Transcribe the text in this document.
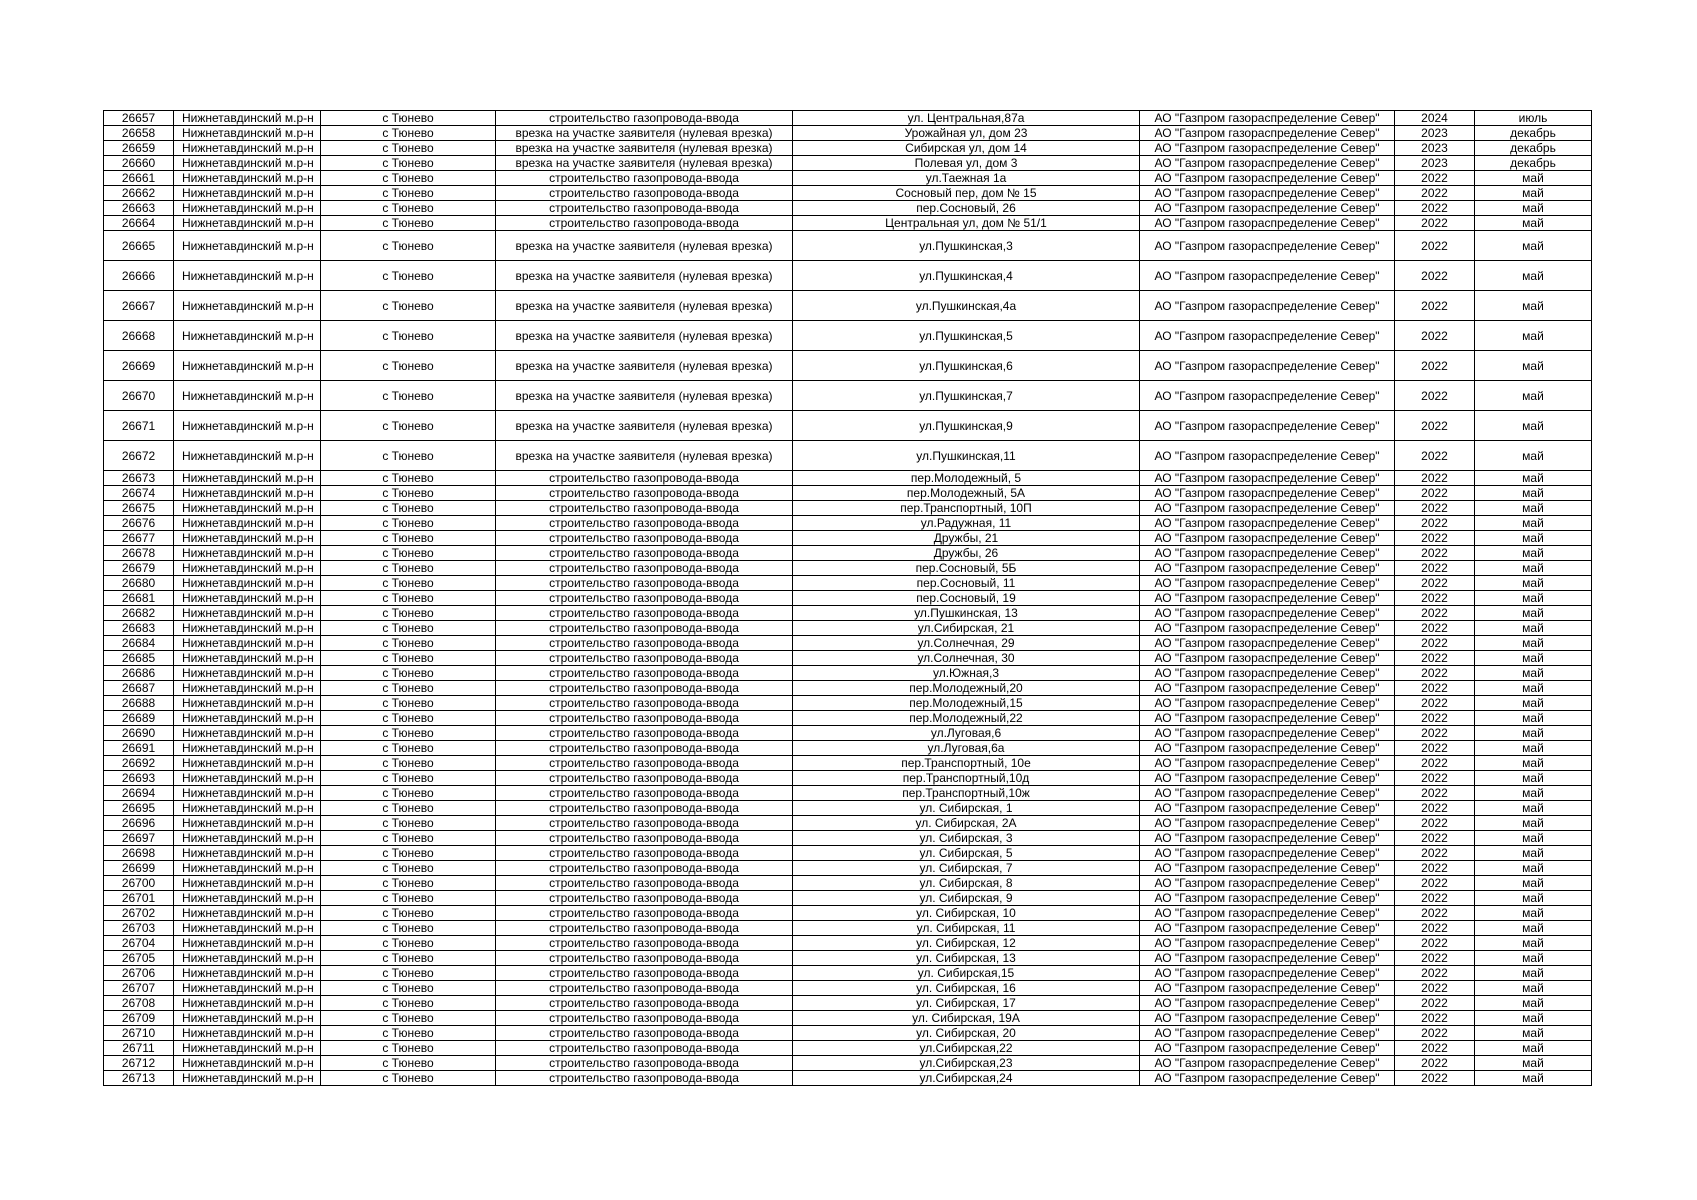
26657	Нижнетавдинский м.р-н	с Тюнево	строительство газопровода-ввода	ул. Центральная,87а	АО "Газпром газораспределение Север"	2024	июль
26658	Нижнетавдинский м.р-н	с Тюнево	врезка на участке заявителя (нулевая врезка)	Урожайная ул, дом 23	АО "Газпром газораспределение Север"	2023	декабрь
26659	Нижнетавдинский м.р-н	с Тюнево	врезка на участке заявителя (нулевая врезка)	Сибирская ул, дом 14	АО "Газпром газораспределение Север"	2023	декабрь
26660	Нижнетавдинский м.р-н	с Тюнево	врезка на участке заявителя (нулевая врезка)	Полевая ул, дом 3	АО "Газпром газораспределение Север"	2023	декабрь
26661	Нижнетавдинский м.р-н	с Тюнево	строительство газопровода-ввода	ул.Таежная 1а	АО "Газпром газораспределение Север"	2022	май
26662	Нижнетавдинский м.р-н	с Тюнево	строительство газопровода-ввода	Сосновый пер, дом № 15	АО "Газпром газораспределение Север"	2022	май
26663	Нижнетавдинский м.р-н	с Тюнево	строительство газопровода-ввода	пер.Сосновый, 26	АО "Газпром газораспределение Север"	2022	май
26664	Нижнетавдинский м.р-н	с Тюнево	строительство газопровода-ввода	Центральная ул, дом № 51/1	АО "Газпром газораспределение Север"	2022	май
26665	Нижнетавдинский м.р-н	с Тюнево	врезка на участке заявителя (нулевая врезка)	ул.Пушкинская,3	АО "Газпром газораспределение Север"	2022	май
26666	Нижнетавдинский м.р-н	с Тюнево	врезка на участке заявителя (нулевая врезка)	ул.Пушкинская,4	АО "Газпром газораспределение Север"	2022	май
26667	Нижнетавдинский м.р-н	с Тюнево	врезка на участке заявителя (нулевая врезка)	ул.Пушкинская,4а	АО "Газпром газораспределение Север"	2022	май
26668	Нижнетавдинский м.р-н	с Тюнево	врезка на участке заявителя (нулевая врезка)	ул.Пушкинская,5	АО "Газпром газораспределение Север"	2022	май
26669	Нижнетавдинский м.р-н	с Тюнево	врезка на участке заявителя (нулевая врезка)	ул.Пушкинская,6	АО "Газпром газораспределение Север"	2022	май
26670	Нижнетавдинский м.р-н	с Тюнево	врезка на участке заявителя (нулевая врезка)	ул.Пушкинская,7	АО "Газпром газораспределение Север"	2022	май
26671	Нижнетавдинский м.р-н	с Тюнево	врезка на участке заявителя (нулевая врезка)	ул.Пушкинская,9	АО "Газпром газораспределение Север"	2022	май
26672	Нижнетавдинский м.р-н	с Тюнево	врезка на участке заявителя (нулевая врезка)	ул.Пушкинская,11	АО "Газпром газораспределение Север"	2022	май
26673	Нижнетавдинский м.р-н	с Тюнево	строительство газопровода-ввода	пер.Молодежный, 5	АО "Газпром газораспределение Север"	2022	май
26674	Нижнетавдинский м.р-н	с Тюнево	строительство газопровода-ввода	пер.Молодежный, 5А	АО "Газпром газораспределение Север"	2022	май
26675	Нижнетавдинский м.р-н	с Тюнево	строительство газопровода-ввода	пер.Транспортный, 10П	АО "Газпром газораспределение Север"	2022	май
26676	Нижнетавдинский м.р-н	с Тюнево	строительство газопровода-ввода	ул.Радужная, 11	АО "Газпром газораспределение Север"	2022	май
26677	Нижнетавдинский м.р-н	с Тюнево	строительство газопровода-ввода	Дружбы, 21	АО "Газпром газораспределение Север"	2022	май
26678	Нижнетавдинский м.р-н	с Тюнево	строительство газопровода-ввода	Дружбы, 26	АО "Газпром газораспределение Север"	2022	май
26679	Нижнетавдинский м.р-н	с Тюнево	строительство газопровода-ввода	пер.Сосновый, 5Б	АО "Газпром газораспределение Север"	2022	май
26680	Нижнетавдинский м.р-н	с Тюнево	строительство газопровода-ввода	пер.Сосновый, 11	АО "Газпром газораспределение Север"	2022	май
26681	Нижнетавдинский м.р-н	с Тюнево	строительство газопровода-ввода	пер.Сосновый, 19	АО "Газпром газораспределение Север"	2022	май
26682	Нижнетавдинский м.р-н	с Тюнево	строительство газопровода-ввода	ул.Пушкинская, 13	АО "Газпром газораспределение Север"	2022	май
26683	Нижнетавдинский м.р-н	с Тюнево	строительство газопровода-ввода	ул.Сибирская, 21	АО "Газпром газораспределение Север"	2022	май
26684	Нижнетавдинский м.р-н	с Тюнево	строительство газопровода-ввода	ул.Солнечная, 29	АО "Газпром газораспределение Север"	2022	май
26685	Нижнетавдинский м.р-н	с Тюнево	строительство газопровода-ввода	ул.Солнечная, 30	АО "Газпром газораспределение Север"	2022	май
26686	Нижнетавдинский м.р-н	с Тюнево	строительство газопровода-ввода	ул.Южная,3	АО "Газпром газораспределение Север"	2022	май
26687	Нижнетавдинский м.р-н	с Тюнево	строительство газопровода-ввода	пер.Молодежный,20	АО "Газпром газораспределение Север"	2022	май
26688	Нижнетавдинский м.р-н	с Тюнево	строительство газопровода-ввода	пер.Молодежный,15	АО "Газпром газораспределение Север"	2022	май
26689	Нижнетавдинский м.р-н	с Тюнево	строительство газопровода-ввода	пер.Молодежный,22	АО "Газпром газораспределение Север"	2022	май
26690	Нижнетавдинский м.р-н	с Тюнево	строительство газопровода-ввода	ул.Луговая,6	АО "Газпром газораспределение Север"	2022	май
26691	Нижнетавдинский м.р-н	с Тюнево	строительство газопровода-ввода	ул.Луговая,6а	АО "Газпром газораспределение Север"	2022	май
26692	Нижнетавдинский м.р-н	с Тюнево	строительство газопровода-ввода	пер.Транспортный, 10е	АО "Газпром газораспределение Север"	2022	май
26693	Нижнетавдинский м.р-н	с Тюнево	строительство газопровода-ввода	пер.Транспортный,10д	АО "Газпром газораспределение Север"	2022	май
26694	Нижнетавдинский м.р-н	с Тюнево	строительство газопровода-ввода	пер.Транспортный,10ж	АО "Газпром газораспределение Север"	2022	май
26695	Нижнетавдинский м.р-н	с Тюнево	строительство газопровода-ввода	ул. Сибирская, 1	АО "Газпром газораспределение Север"	2022	май
26696	Нижнетавдинский м.р-н	с Тюнево	строительство газопровода-ввода	ул. Сибирская, 2А	АО "Газпром газораспределение Север"	2022	май
26697	Нижнетавдинский м.р-н	с Тюнево	строительство газопровода-ввода	ул. Сибирская, 3	АО "Газпром газораспределение Север"	2022	май
26698	Нижнетавдинский м.р-н	с Тюнево	строительство газопровода-ввода	ул. Сибирская, 5	АО "Газпром газораспределение Север"	2022	май
26699	Нижнетавдинский м.р-н	с Тюнево	строительство газопровода-ввода	ул. Сибирская, 7	АО "Газпром газораспределение Север"	2022	май
26700	Нижнетавдинский м.р-н	с Тюнево	строительство газопровода-ввода	ул. Сибирская, 8	АО "Газпром газораспределение Север"	2022	май
26701	Нижнетавдинский м.р-н	с Тюнево	строительство газопровода-ввода	ул. Сибирская, 9	АО "Газпром газораспределение Север"	2022	май
26702	Нижнетавдинский м.р-н	с Тюнево	строительство газопровода-ввода	ул. Сибирская, 10	АО "Газпром газораспределение Север"	2022	май
26703	Нижнетавдинский м.р-н	с Тюнево	строительство газопровода-ввода	ул. Сибирская, 11	АО "Газпром газораспределение Север"	2022	май
26704	Нижнетавдинский м.р-н	с Тюнево	строительство газопровода-ввода	ул. Сибирская, 12	АО "Газпром газораспределение Север"	2022	май
26705	Нижнетавдинский м.р-н	с Тюнево	строительство газопровода-ввода	ул. Сибирская, 13	АО "Газпром газораспределение Север"	2022	май
26706	Нижнетавдинский м.р-н	с Тюнево	строительство газопровода-ввода	ул. Сибирская,15	АО "Газпром газораспределение Север"	2022	май
26707	Нижнетавдинский м.р-н	с Тюнево	строительство газопровода-ввода	ул. Сибирская, 16	АО "Газпром газораспределение Север"	2022	май
26708	Нижнетавдинский м.р-н	с Тюнево	строительство газопровода-ввода	ул. Сибирская, 17	АО "Газпром газораспределение Север"	2022	май
26709	Нижнетавдинский м.р-н	с Тюнево	строительство газопровода-ввода	ул. Сибирская, 19А	АО "Газпром газораспределение Север"	2022	май
26710	Нижнетавдинский м.р-н	с Тюнево	строительство газопровода-ввода	ул. Сибирская, 20	АО "Газпром газораспределение Север"	2022	май
26711	Нижнетавдинский м.р-н	с Тюнево	строительство газопровода-ввода	ул.Сибирская,22	АО "Газпром газораспределение Север"	2022	май
26712	Нижнетавдинский м.р-н	с Тюнево	строительство газопровода-ввода	ул.Сибирская,23	АО "Газпром газораспределение Север"	2022	май
26713	Нижнетавдинский м.р-н	с Тюнево	строительство газопровода-ввода	ул.Сибирская,24	АО "Газпром газораспределение Север"	2022	май
